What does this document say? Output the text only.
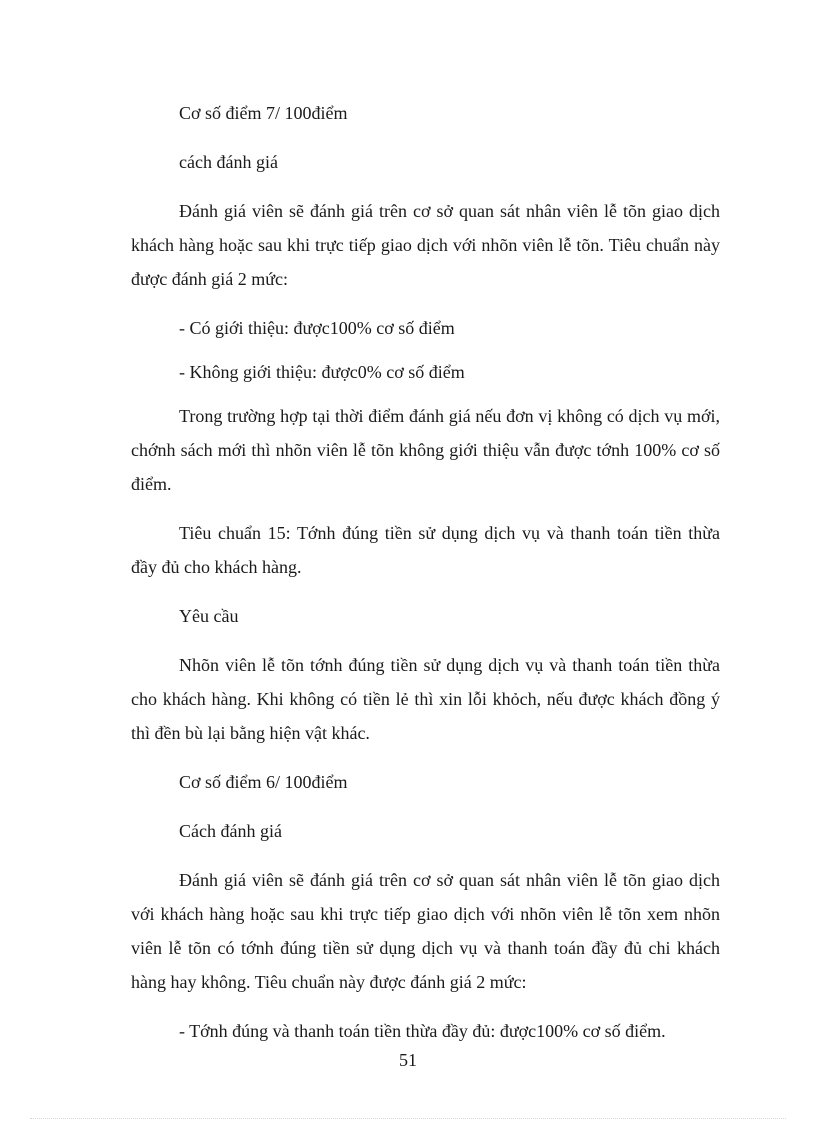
Cơ số điểm 7/ 100điểm

cách đánh giá

Đánh giá viên sẽ đánh giá trên cơ sở quan sát nhân viên lễ tõn giao dịch khách hàng hoặc sau khi trực tiếp giao dịch với nhõn viên lễ tõn. Tiêu chuẩn này được đánh giá 2 mức:

- Có giới thiệu: được100% cơ số điểm

- Không giới thiệu: được0% cơ số điểm

Trong trường hợp tại thời điểm đánh giá nếu đơn vị không có dịch vụ mới, chớnh sách mới thì nhõn viên lễ tõn không giới thiệu vẫn được tớnh 100% cơ số điểm.

Tiêu chuẩn 15: Tớnh đúng tiền sử dụng dịch vụ và thanh toán tiền thừa đầy đủ cho khách hàng.

Yêu cầu

Nhõn viên lễ tõn tớnh đúng tiền sử dụng dịch vụ và thanh toán tiền thừa cho khách hàng. Khi không có tiền lẻ thì xin lỗi khỏch, nếu được khách đồng ý thì đền bù lại bằng hiện vật khác.

Cơ số điểm 6/ 100điểm

Cách đánh giá

Đánh giá viên sẽ đánh giá trên cơ sở quan sát nhân viên lễ tõn giao dịch với khách hàng hoặc sau khi trực tiếp giao dịch với nhõn viên lễ tõn xem nhõn viên lễ tõn có tớnh đúng tiền sử dụng dịch vụ và thanh toán đầy đủ chi khách hàng hay không. Tiêu chuẩn này được đánh giá 2 mức:

- Tớnh đúng và thanh toán tiền thừa đầy đủ: được100% cơ số điểm.

51
